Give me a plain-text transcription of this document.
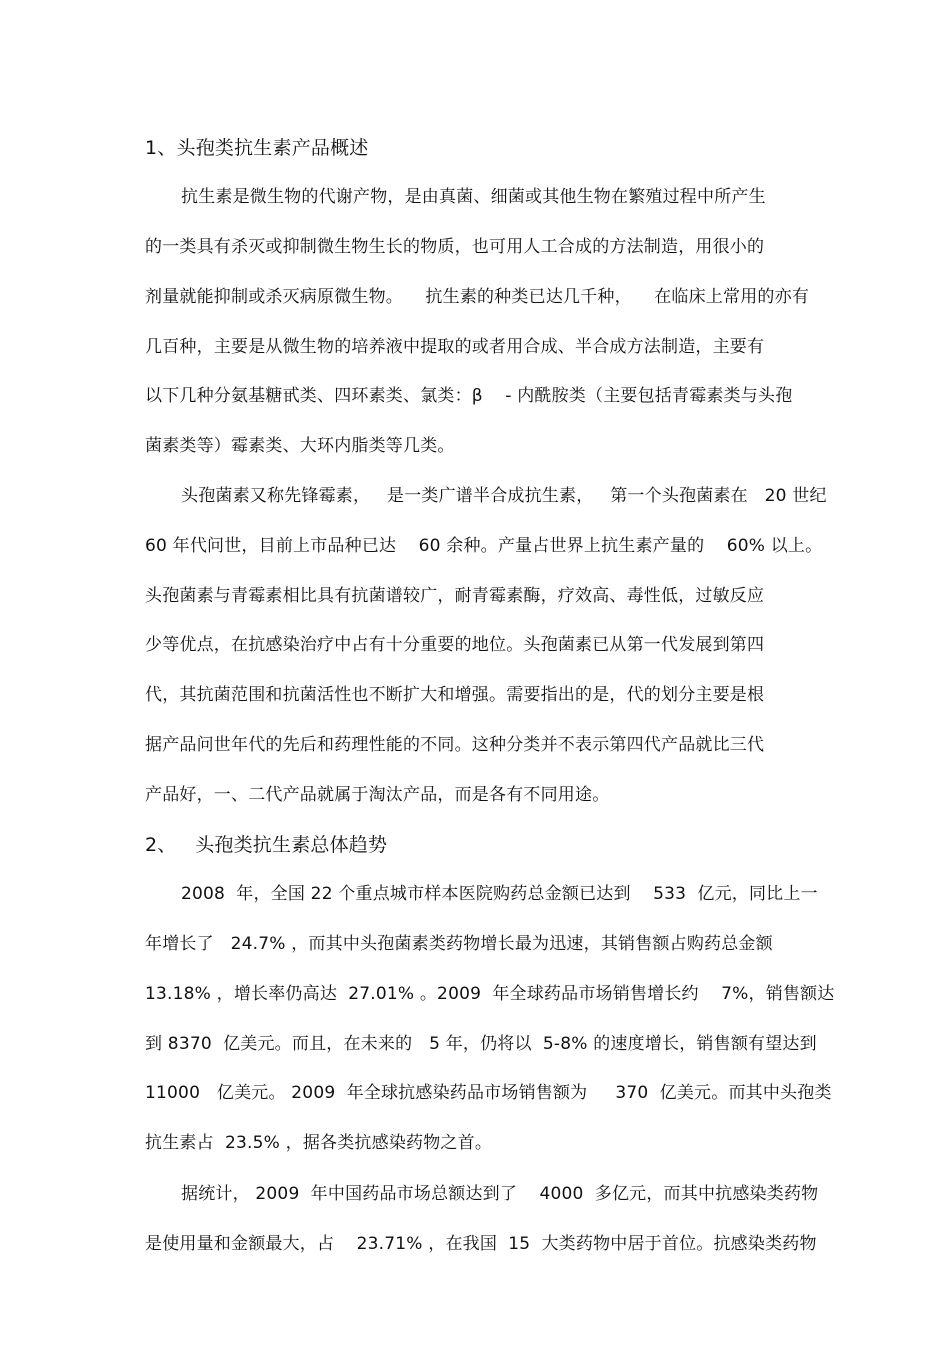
1、头孢类抗生素产品概述
抗生素是微生物的代谢产物，是由真菌、细菌或其他生物在繁殖过程中所产生
的一类具有杀灭或抑制微生物生长的物质，也可用人工合成的方法制造，用很小的
剂量就能抑制或杀灭病原微生物。    抗生素的种类已达几千种，    在临床上常用的亦有
几百种，主要是从微生物的培养液中提取的或者用合成、半合成方法制造，主要有
以下几种分氨基糖甙类、四环素类、氯类：β    - 内酰胺类（主要包括青霉素类与头孢
菌素类等）霉素类、大环内脂类等几类。
头孢菌素又称先锋霉素，   是一类广谱半合成抗生素，   第一个头孢菌素在   20 世纪
60 年代问世，目前上市品种已达    60 余种。产量占世界上抗生素产量的    60% 以上。
头孢菌素与青霉素相比具有抗菌谱较广，耐青霉素酶，疗效高、毒性低，过敏反应
少等优点，在抗感染治疗中占有十分重要的地位。头孢菌素已从第一代发展到第四
代，其抗菌范围和抗菌活性也不断扩大和增强。需要指出的是，代的划分主要是根
据产品问世年代的先后和药理性能的不同。这种分类并不表示第四代产品就比三代
产品好，一、二代产品就属于淘汰产品，而是各有不同用途。
2、   头孢类抗生素总体趋势
2008  年，全国 22 个重点城市样本医院购药总金额已达到    533  亿元，同比上一
年增长了   24.7% ，而其中头孢菌素类药物增长最为迅速，其销售额占购药总金额
13.18% ，增长率仍高达  27.01% 。2009  年全球药品市场销售增长约    7%，销售额达
到 8370  亿美元。而且，在未来的   5 年，仍将以  5-8% 的速度增长，销售额有望达到
11000   亿美元。 2009  年全球抗感染药品市场销售额为     370  亿美元。而其中头孢类
抗生素占  23.5% ，据各类抗感染药物之首。
据统计， 2009  年中国药品市场总额达到了    4000  多亿元，而其中抗感染类药物
是使用量和金额最大，占    23.71% ，在我国  15  大类药物中居于首位。抗感染类药物
